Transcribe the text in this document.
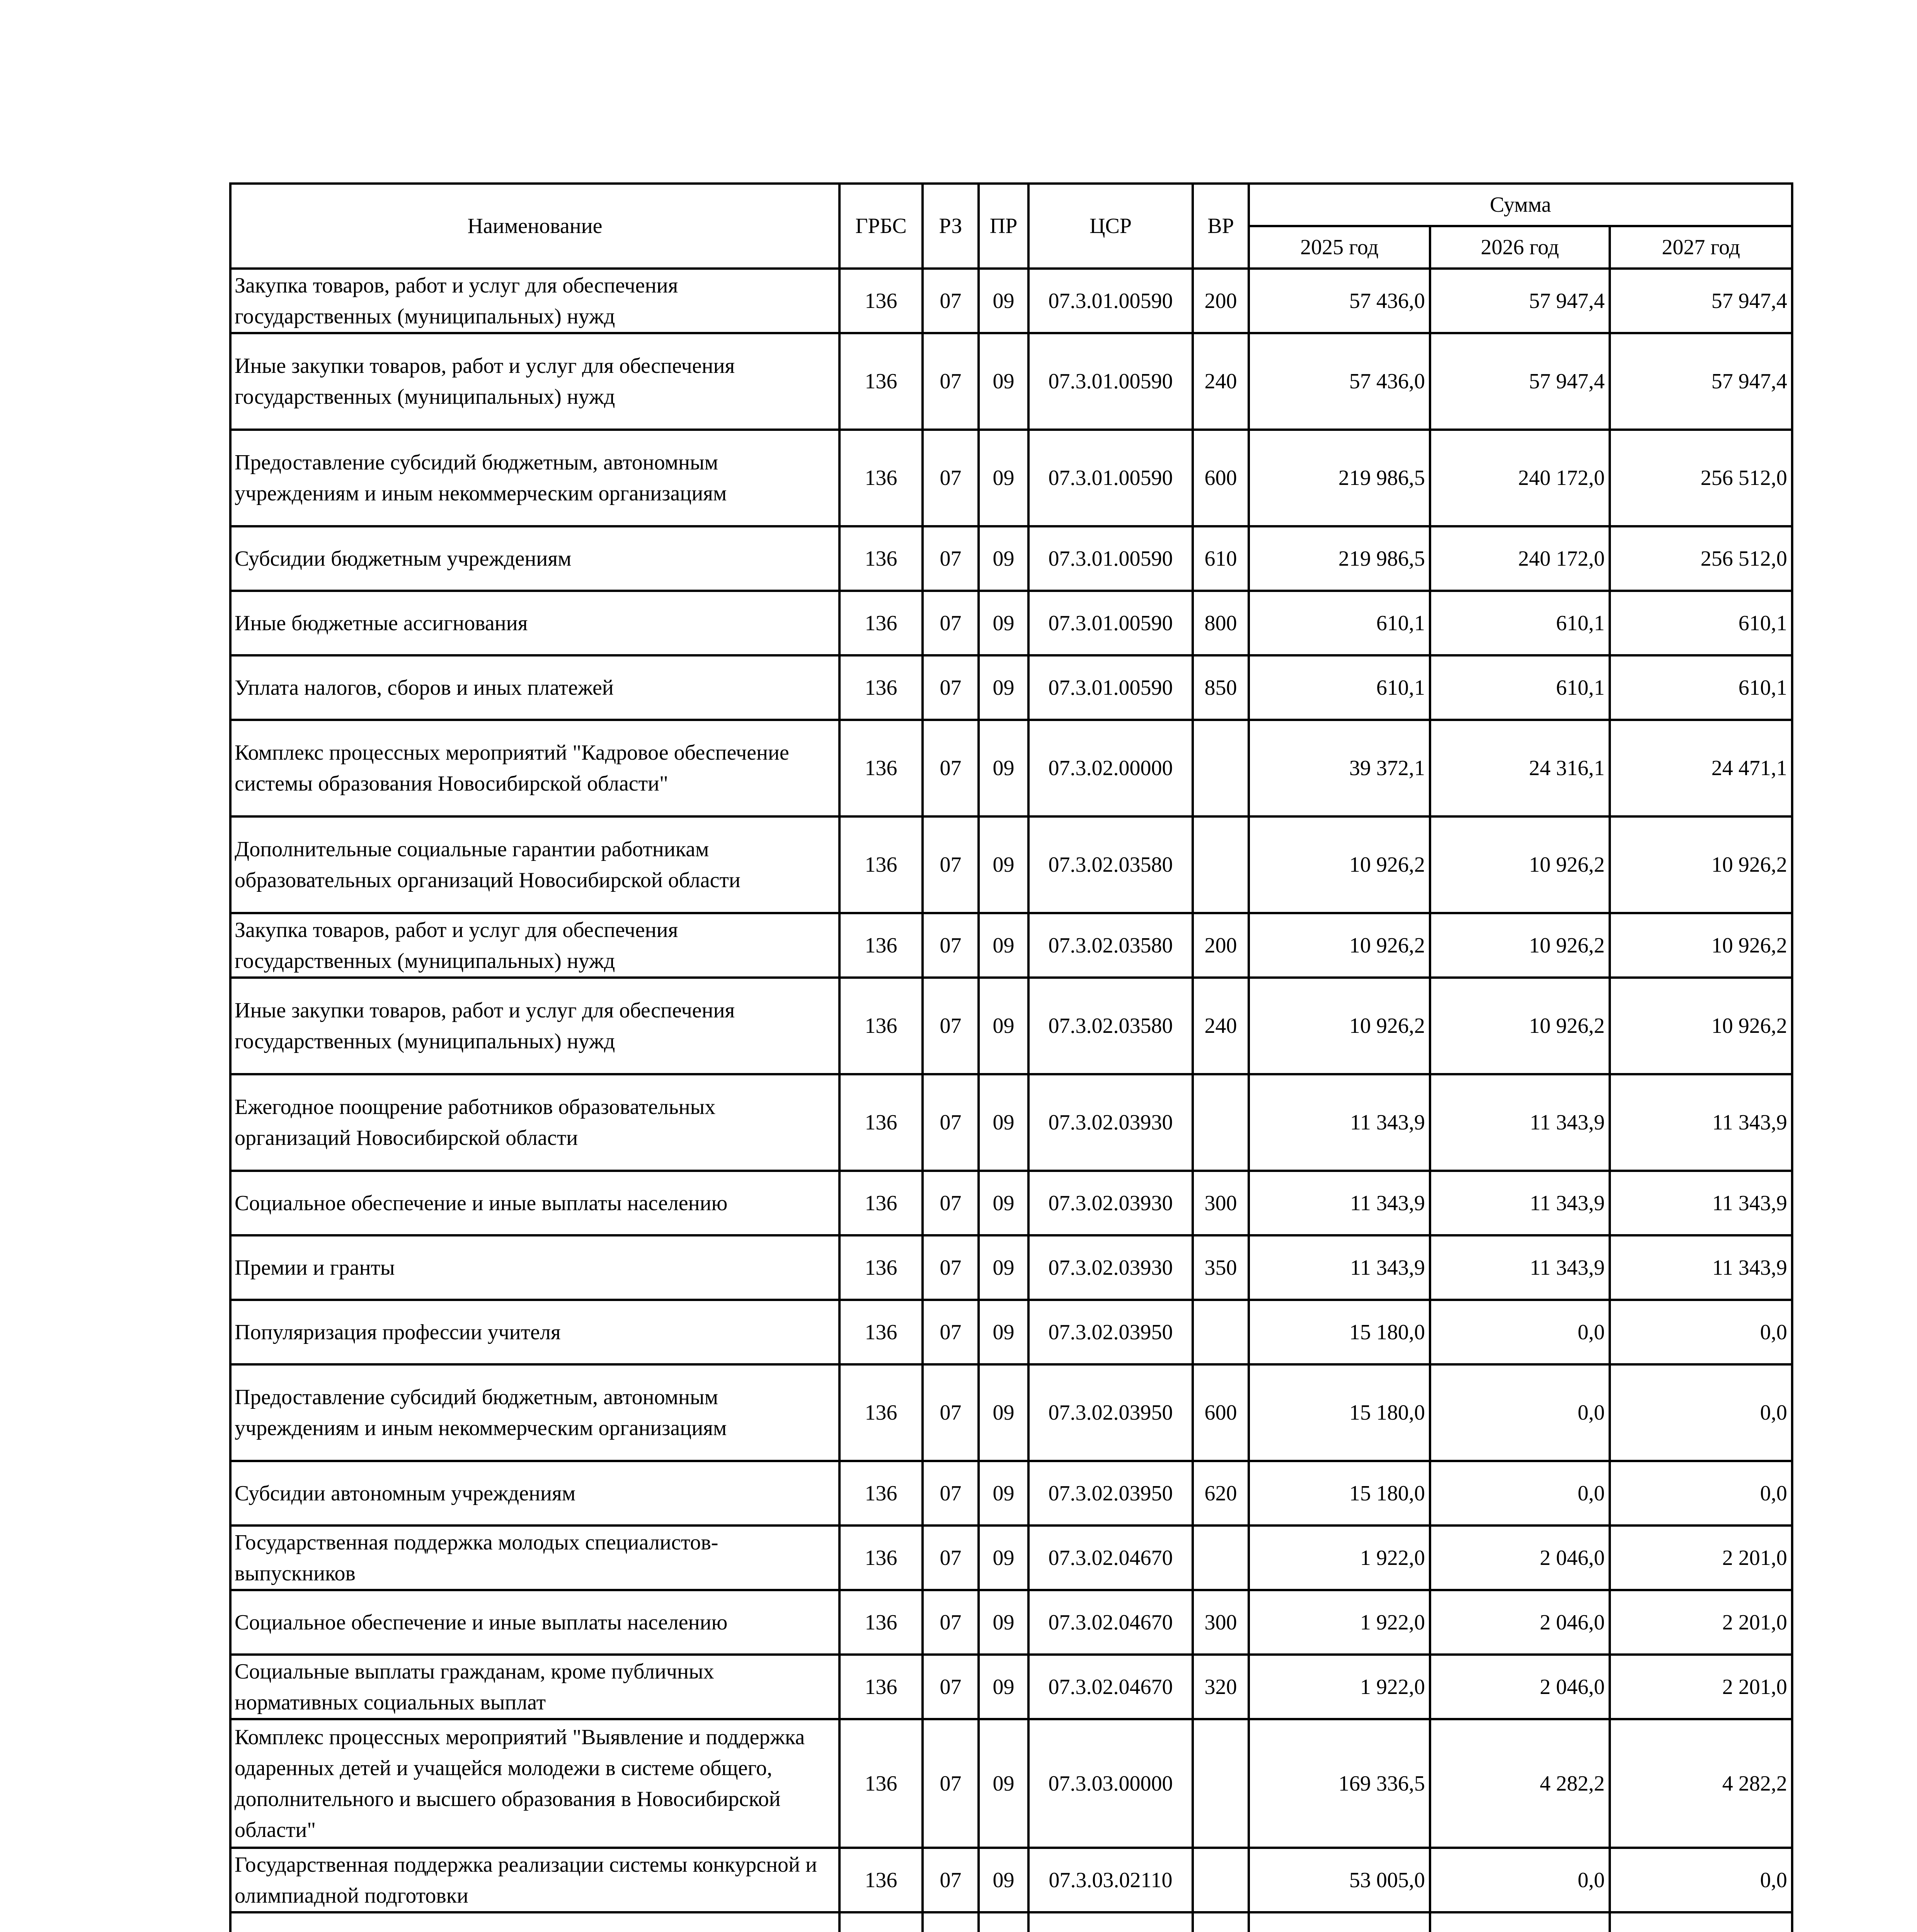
Наименование	ГРБС	РЗ	ПР	ЦСР	ВР	Сумма		
						2025 год	2026 год	2027 год
Закупка товаров, работ и услуг для обеспечения государственных (муниципальных) нужд	136	07	09	07.3.01.00590	200	57 436,0	57 947,4	57 947,4
Иные закупки товаров, работ и услуг для обеспечения государственных (муниципальных) нужд	136	07	09	07.3.01.00590	240	57 436,0	57 947,4	57 947,4
Предоставление субсидий бюджетным, автономным учреждениям и иным некоммерческим организациям	136	07	09	07.3.01.00590	600	219 986,5	240 172,0	256 512,0
Субсидии бюджетным учреждениям	136	07	09	07.3.01.00590	610	219 986,5	240 172,0	256 512,0
Иные бюджетные ассигнования	136	07	09	07.3.01.00590	800	610,1	610,1	610,1
Уплата налогов, сборов и иных платежей	136	07	09	07.3.01.00590	850	610,1	610,1	610,1
Комплекс процессных мероприятий "Кадровое обеспечение системы образования Новосибирской области"	136	07	09	07.3.02.00000		39 372,1	24 316,1	24 471,1
Дополнительные социальные гарантии работникам образовательных организаций Новосибирской области	136	07	09	07.3.02.03580		10 926,2	10 926,2	10 926,2
Закупка товаров, работ и услуг для обеспечения государственных (муниципальных) нужд	136	07	09	07.3.02.03580	200	10 926,2	10 926,2	10 926,2
Иные закупки товаров, работ и услуг для обеспечения государственных (муниципальных) нужд	136	07	09	07.3.02.03580	240	10 926,2	10 926,2	10 926,2
Ежегодное поощрение работников образовательных организаций Новосибирской области	136	07	09	07.3.02.03930		11 343,9	11 343,9	11 343,9
Социальное обеспечение и иные выплаты населению	136	07	09	07.3.02.03930	300	11 343,9	11 343,9	11 343,9
Премии и гранты	136	07	09	07.3.02.03930	350	11 343,9	11 343,9	11 343,9
Популяризация профессии учителя	136	07	09	07.3.02.03950		15 180,0	0,0	0,0
Предоставление субсидий бюджетным, автономным учреждениям и иным некоммерческим организациям	136	07	09	07.3.02.03950	600	15 180,0	0,0	0,0
Субсидии автономным учреждениям	136	07	09	07.3.02.03950	620	15 180,0	0,0	0,0
Государственная поддержка молодых специалистов-выпускников	136	07	09	07.3.02.04670		1 922,0	2 046,0	2 201,0
Социальное обеспечение и иные выплаты населению	136	07	09	07.3.02.04670	300	1 922,0	2 046,0	2 201,0
Социальные выплаты гражданам, кроме публичных нормативных социальных выплат	136	07	09	07.3.02.04670	320	1 922,0	2 046,0	2 201,0
Комплекс процессных мероприятий "Выявление и поддержка одаренных детей и учащейся молодежи в системе общего, дополнительного и высшего образования в Новосибирской области"	136	07	09	07.3.03.00000		169 336,5	4 282,2	4 282,2
Государственная поддержка реализации системы конкурсной и олимпиадной подготовки	136	07	09	07.3.03.02110		53 005,0	0,0	0,0
